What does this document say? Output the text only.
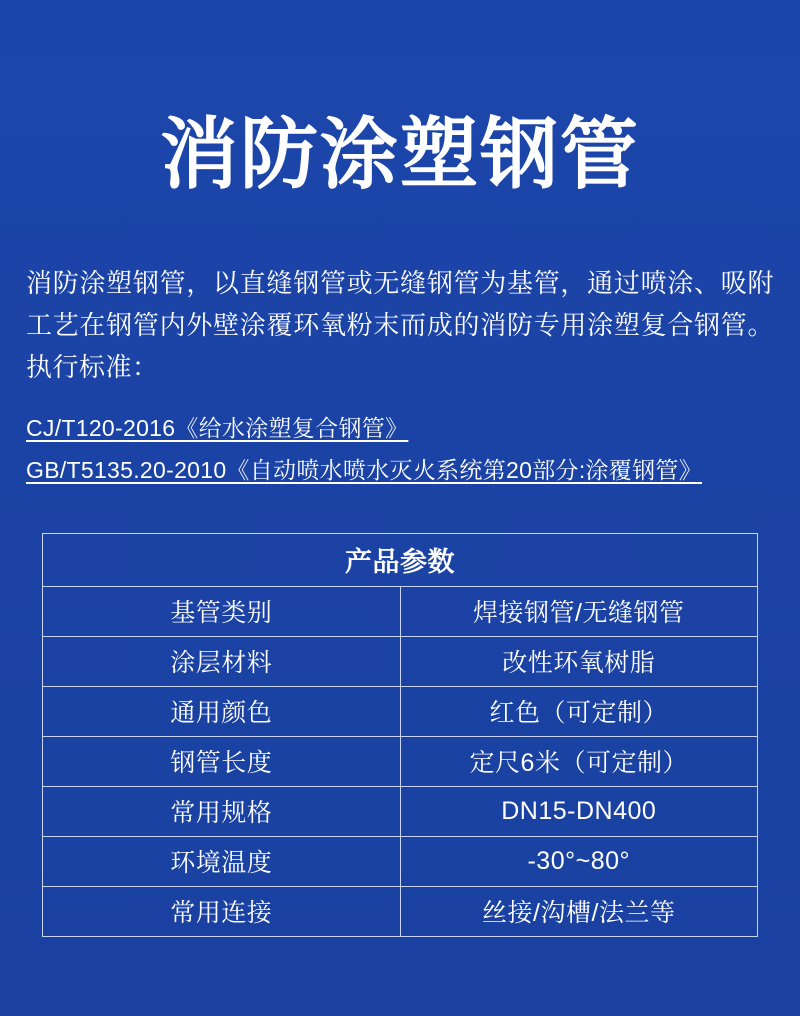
消防涂塑钢管

消防涂塑钢管，以直缝钢管或无缝钢管为基管，通过喷涂、吸附工艺在钢管内外壁涂覆环氧粉末而成的消防专用涂塑复合钢管。执行标准：

CJ/T120-2016《给水涂塑复合钢管》
GB/T5135.20-2010《自动喷水喷水灭火系统第20部分:涂覆钢管》
产品参数	
基管类别	焊接钢管/无缝钢管
涂层材料	改性环氧树脂
通用颜色	红色（可定制）
钢管长度	定尺6米（可定制）
常用规格	DN15-DN400
环境温度	-30°~80°
常用连接	丝接/沟槽/法兰等
